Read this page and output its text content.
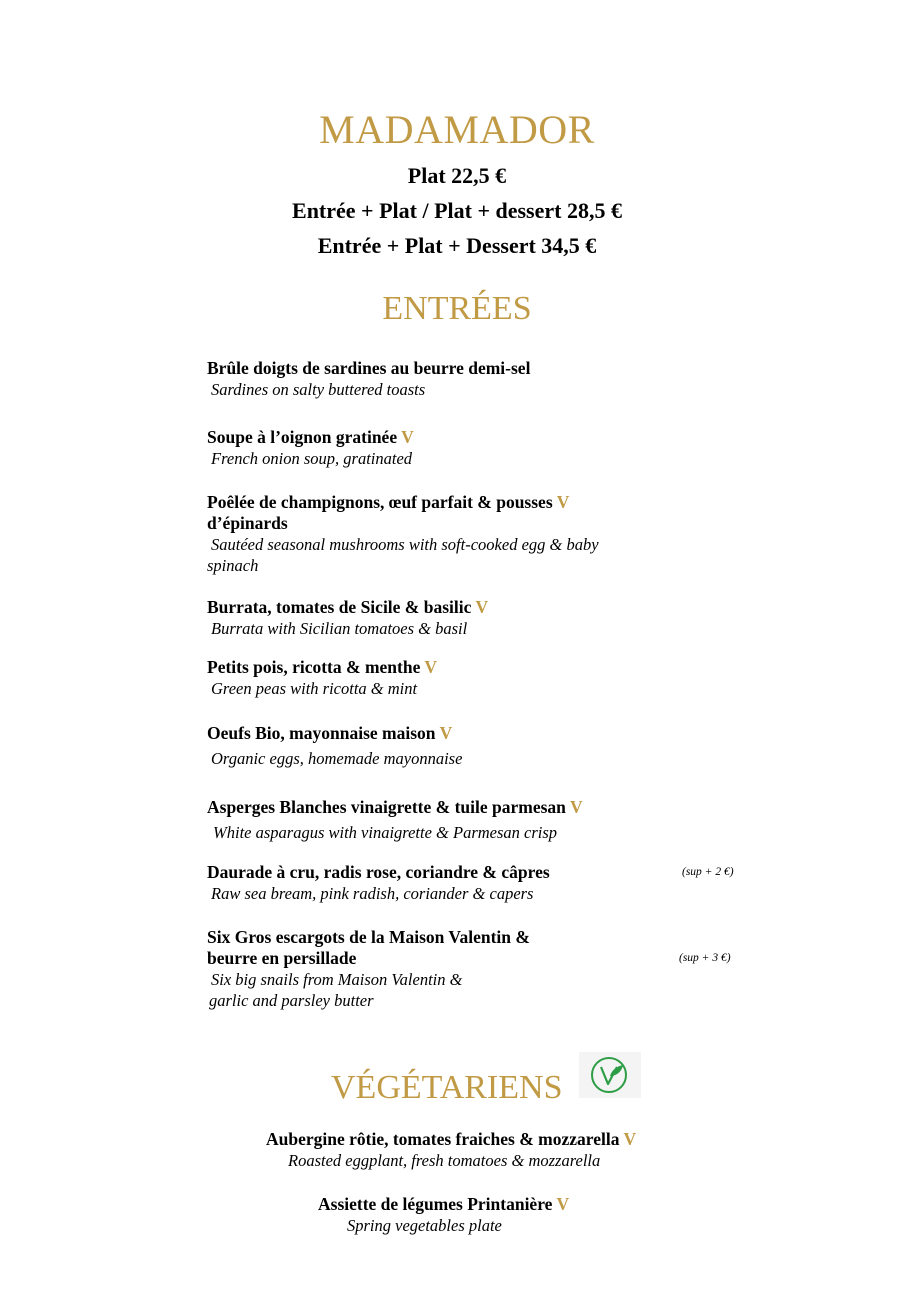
MADAMADOR
Plat 22,5 €
Entrée + Plat / Plat + dessert 28,5 €
Entrée + Plat + Dessert 34,5 €
ENTRÉES
Brûle doigts de sardines au beurre demi-sel
Sardines on salty buttered toasts
Soupe à l’oignon gratinée V
French onion soup, gratinated
Poêlée de champignons, œuf parfait & pousses V
d’épinards
Sautéed seasonal mushrooms with soft-cooked egg & baby
spinach
Burrata, tomates de Sicile & basilic V
Burrata with Sicilian tomatoes & basil
Petits pois, ricotta & menthe V
Green peas with ricotta & mint
Oeufs Bio, mayonnaise maison V
Organic eggs, homemade mayonnaise
Asperges Blanches vinaigrette & tuile parmesan V
White asparagus with vinaigrette & Parmesan crisp
Daurade à cru, radis rose, coriandre & câpres
Raw sea bream, pink radish, coriander & capers
(sup + 2 €)
Six Gros escargots de la Maison Valentin &
beurre en persillade
Six big snails from Maison Valentin &
garlic and parsley butter
(sup + 3 €)
VÉGÉTARIENS
Aubergine rôtie, tomates fraiches & mozzarella V
Roasted eggplant, fresh tomatoes & mozzarella
Assiette de légumes Printanière V
Spring vegetables plate
